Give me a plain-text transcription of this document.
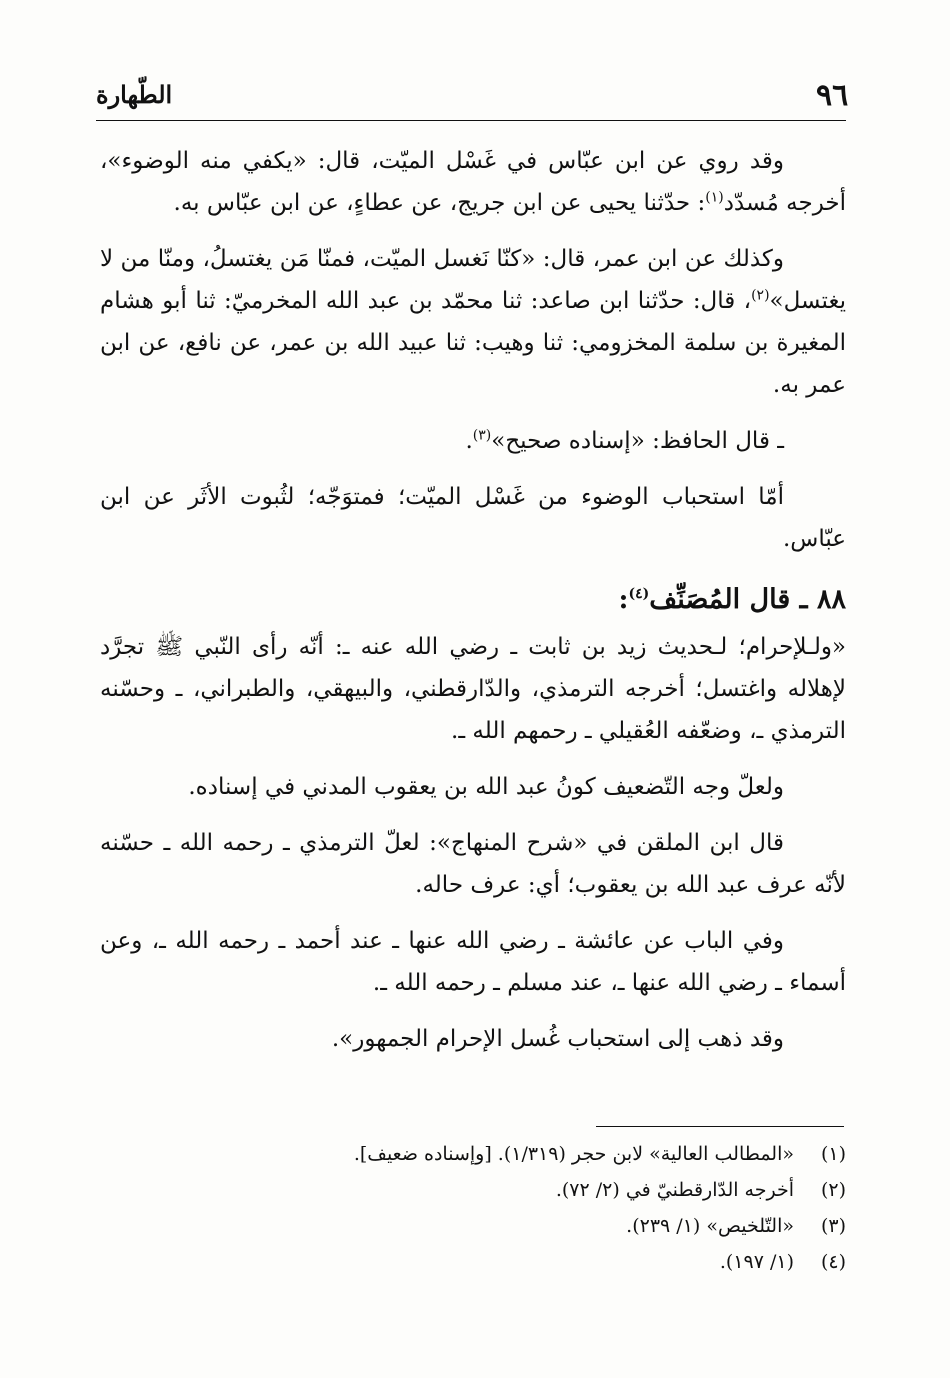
٩٦
الطّهارة

وقد روي عن ابن عبّاس في غَسْل الميّت، قال: «يكفي منه الوضوء»، أخرجه مُسدّد$^{(١)}$: حدّثنا يحيى عن ابن جريج، عن عطاءٍ، عن ابن عبّاس به.

وكذلك عن ابن عمر، قال: «كنّا نَغسل الميّت، فمنّا مَن يغتسلُ، ومنّا من لا يغتسل»$^{(٢)}$، قال: حدّثنا ابن صاعد: ثنا محمّد بن عبد الله المخرميّ: ثنا أبو هشام المغيرة بن سلمة المخزومي: ثنا وهيب: ثنا عبيد الله بن عمر، عن نافع، عن ابن عمر به.

ـ قال الحافظ: «إسناده صحيح»$^{(٣)}$.

أمّا استحباب الوضوء من غَسْل الميّت؛ فمتوَجّه؛ لثُبوت الأثَر عن ابن عبّاس.

٨٨ ـ قال المُصَنِّف$^{(٤)}$:

«ولـلإحرام؛ لـحديث زيد بن ثابت ـ رضي الله عنه ـ: أنّه رأى النّبي ﷺ تجرَّد لإهلاله واغتسل؛ أخرجه الترمذي، والدّارقطني، والبيهقي، والطبراني، ـ وحسّنه الترمذي ـ، وضعّفه العُقيلي ـ رحمهم الله ـ.

ولعلّ وجه التّضعيف كونُ عبد الله بن يعقوب المدني في إسناده.

قال ابن الملقن في «شرح المنهاج»: لعلّ الترمذي ـ رحمه الله ـ حسّنه لأنّه عرف عبد الله بن يعقوب؛ أي: عرف حاله.

وفي الباب عن عائشة ـ رضي الله عنها ـ عند أحمد ـ رحمه الله ـ، وعن أسماء ـ رضي الله عنها ـ، عند مسلم ـ رحمه الله ـ.

وقد ذهب إلى استحباب غُسل الإحرام الجمهور».

(١)
«المطالب العالية» لابن حجر (١/٣١٩). [وإسناده ضعيف].
(٢)
أخرجه الدّارقطنيّ في (٢/ ٧٢).
(٣)
«التّلخيص» (١/ ٢٣٩).
(٤)
(١/ ١٩٧).
